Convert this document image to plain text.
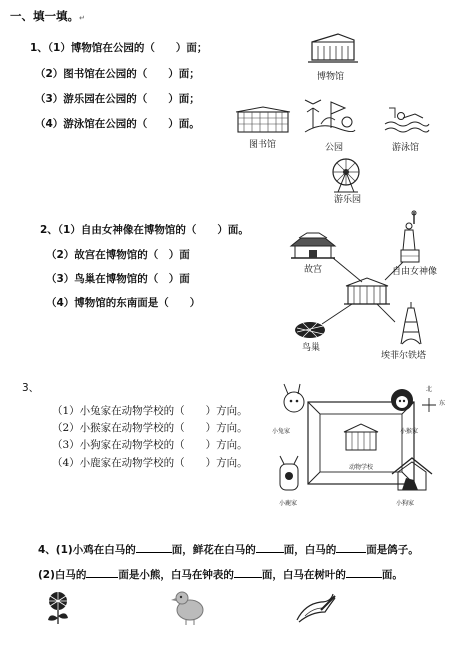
一、填一填。↵
1、（1）博物馆在公园的（　　）面；
（2）图书馆在公园的（　　）面；
（3）游乐园在公园的（　　）面；
（4）游泳馆在公园的（　　）面。
博物馆
图书馆	公园	游泳馆
游乐园
2、（1）自由女神像在博物馆的（　　）面。
（2）故宫在博物馆的（　）面
（3）鸟巢在博物馆的（　）面
（4）博物馆的东南面是（　　）
故宫	自由女神像
鸟巢
埃菲尔铁塔
3、
（1）小兔家在动物学校的（　　）方向。
（2）小猴家在动物学校的（　　）方向。
（3）小狗家在动物学校的（　　）方向。
（4）小鹿家在动物学校的（　　）方向。
小兔家	小猴家
动物学校
小鹿家	小狗家
北
东
4、(1)小鸡在白马的	面，鲜花在白马的	面，白马的	面是鸽子。
(2)白马的	面是小熊，白马在钟表的	面，白马在树叶的	面。
